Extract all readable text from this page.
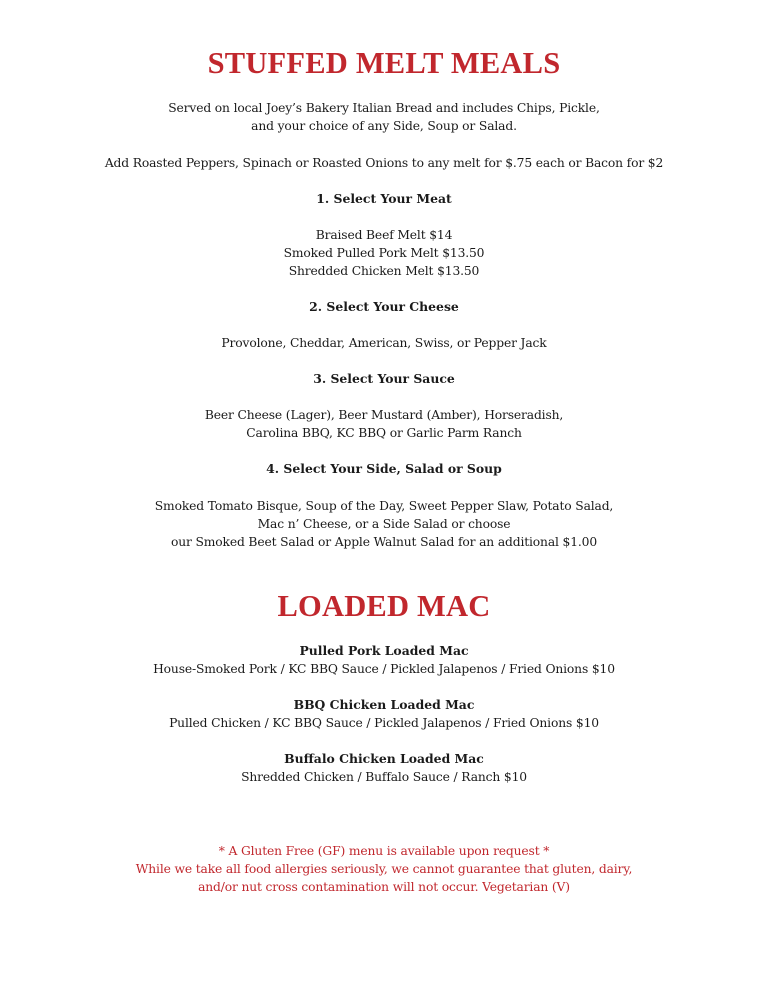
STUFFED MELT MEALS
Served on local Joey’s Bakery Italian Bread and includes Chips, Pickle,
and your choice of any Side, Soup or Salad.
Add Roasted Peppers, Spinach or Roasted Onions to any melt for $.75 each or Bacon for $2
1. Select Your Meat
Braised Beef Melt $14
Smoked Pulled Pork Melt $13.50
Shredded Chicken Melt $13.50
2. Select Your Cheese
Provolone, Cheddar, American, Swiss, or Pepper Jack
3. Select Your Sauce
Beer Cheese (Lager), Beer Mustard (Amber), Horseradish,
Carolina BBQ, KC BBQ or Garlic Parm Ranch
4. Select Your Side, Salad or Soup
Smoked Tomato Bisque, Soup of the Day, Sweet Pepper Slaw, Potato Salad,
Mac n’ Cheese, or a Side Salad or choose
our Smoked Beet Salad or Apple Walnut Salad for an additional $1.00
LOADED MAC
Pulled Pork Loaded Mac
House-Smoked Pork / KC BBQ Sauce / Pickled Jalapenos / Fried Onions $10
BBQ Chicken Loaded Mac
Pulled Chicken / KC BBQ Sauce / Pickled Jalapenos / Fried Onions $10
Buffalo Chicken Loaded Mac
Shredded Chicken / Buffalo Sauce / Ranch $10
* A Gluten Free (GF) menu is available upon request *
While we take all food allergies seriously, we cannot guarantee that gluten, dairy,
and/or nut cross contamination will not occur. Vegetarian (V)
